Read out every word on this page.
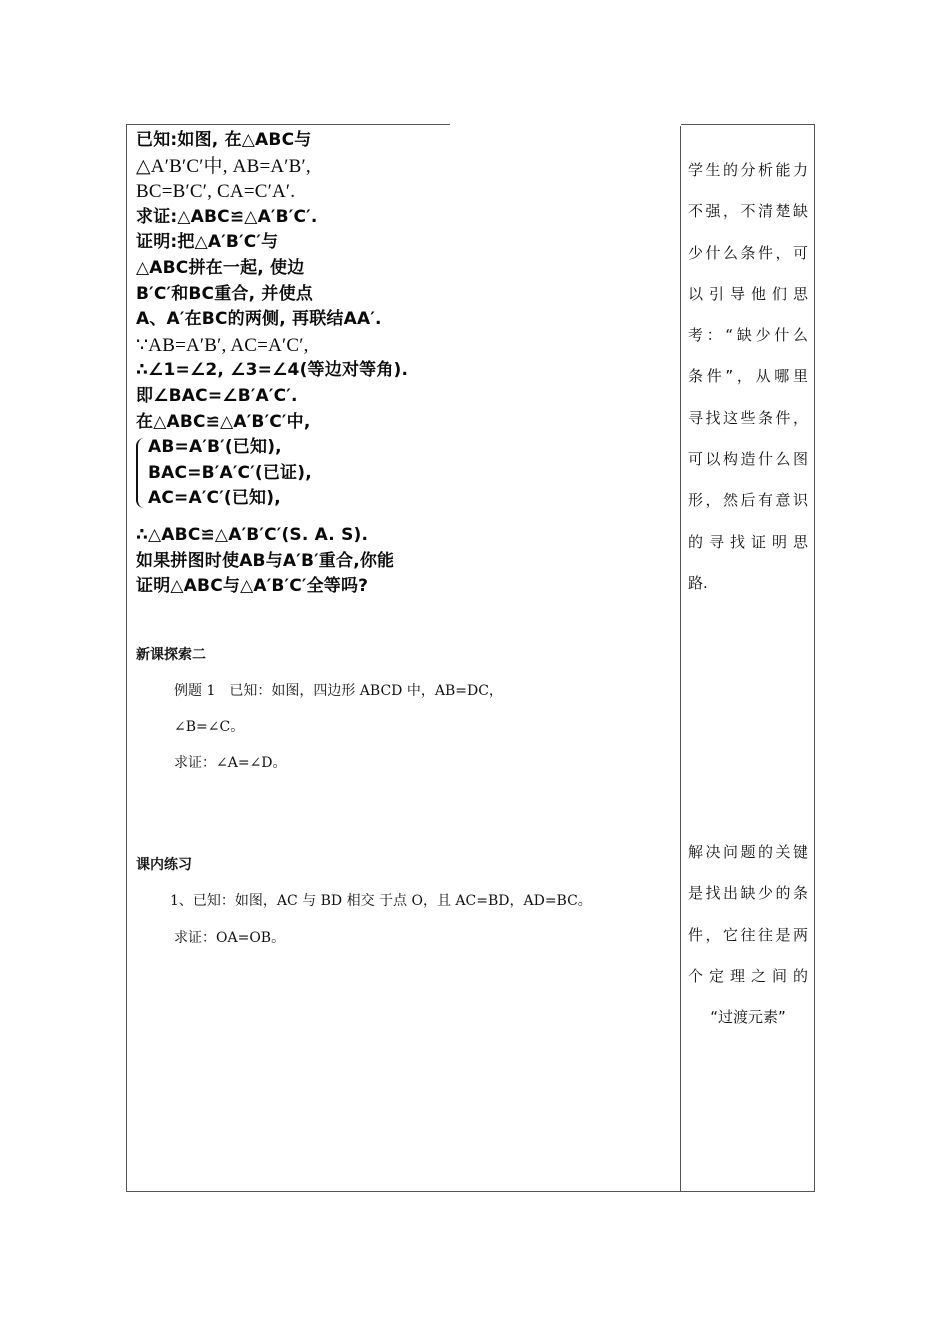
已知:如图, 在△ABC与
△A′B′C′中, AB=A′B′,
BC=B′C′, CA=C′A′.
求证:△ABC≌△A′B′C′.
证明:把△A′B′C′与
△ABC拼在一起, 使边
B′C′和BC重合, 并使点
A、A′在BC的两侧, 再联结AA′.
∵AB=A′B′, AC=A′C′,
∴∠1=∠2, ∠3=∠4(等边对等角).
即∠BAC=∠B′A′C′.
在△ABC≌△A′B′C′中,
AB=A′B′(已知),
BAC=B′A′C′(已证),
AC=A′C′(已知),
∴△ABC≌△A′B′C′(S. A. S).
如果拼图时使AB与A′B′重合,你能
证明△ABC与△A′B′C′全等吗?
新课探索二
例题 1　已知：如图，四边形 ABCD 中，AB=DC，
∠B=∠C。
求证：∠A=∠D。
课内练习
1、已知：如图，AC 与 BD 相交 于点 O，且 AC=BD，AD=BC。
求证：OA=OB。
学生的分析能力
不强，不清楚缺
少什么条件，可
以引导他们思
考：“缺少什么
条件”，从哪里
寻找这些条件，
可以构造什么图
形，然后有意识
的寻找证明思
路.
解决问题的关键
是找出缺少的条
件，它往往是两
个定理之间的
“过渡元素”
